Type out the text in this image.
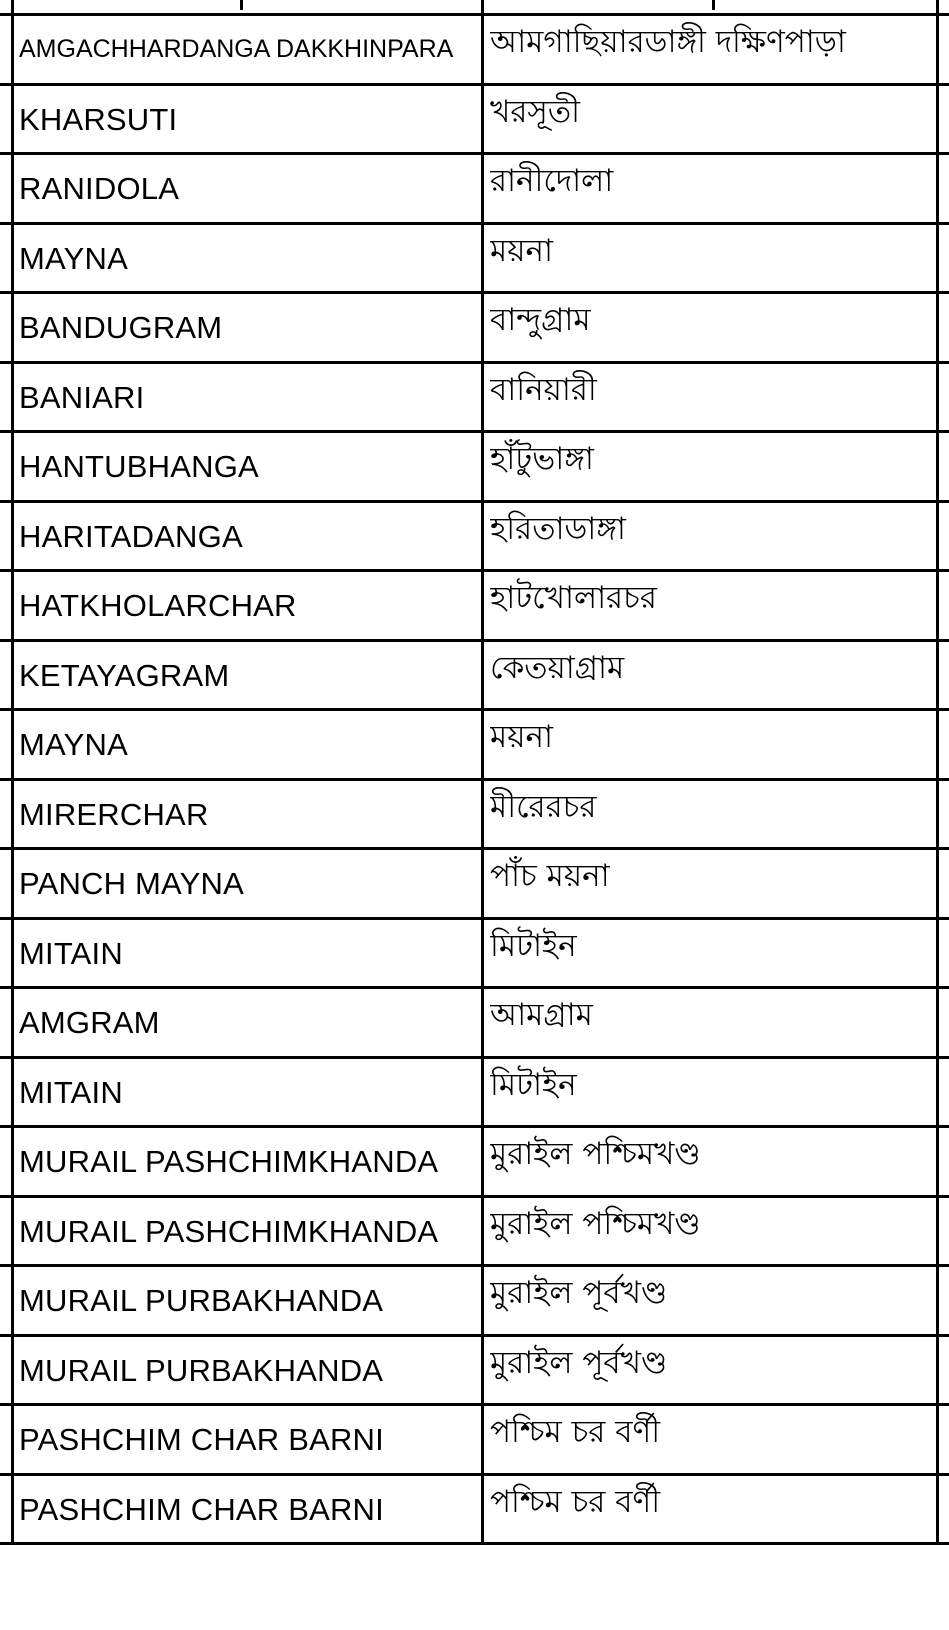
AMGACHHARDANGA DAKKHINPARA	আমগাছিয়ারডাঙ্গী দক্ষিণপাড়া
KHARSUTI	খরসূতী
RANIDOLA	রানীদোলা
MAYNA	ময়না
BANDUGRAM	বান্দুগ্রাম
BANIARI	বানিয়ারী
HANTUBHANGA	হাঁটুভাঙ্গা
HARITADANGA	হরিতাডাঙ্গা
HATKHOLARCHAR	হাটখোলারচর
KETAYAGRAM	কেতয়াগ্রাম
MAYNA	ময়না
MIRERCHAR	মীরেরচর
PANCH MAYNA	পাঁচ ময়না
MITAIN	মিটাইন
AMGRAM	আমগ্রাম
MITAIN	মিটাইন
MURAIL PASHCHIMKHANDA	মুরাইল পশ্চিমখণ্ড
MURAIL PASHCHIMKHANDA	মুরাইল পশ্চিমখণ্ড
MURAIL PURBAKHANDA	মুরাইল পূর্বখণ্ড
MURAIL PURBAKHANDA	মুরাইল পূর্বখণ্ড
PASHCHIM CHAR BARNI	পশ্চিম চর বর্ণী
PASHCHIM CHAR BARNI	পশ্চিম চর বর্ণী
